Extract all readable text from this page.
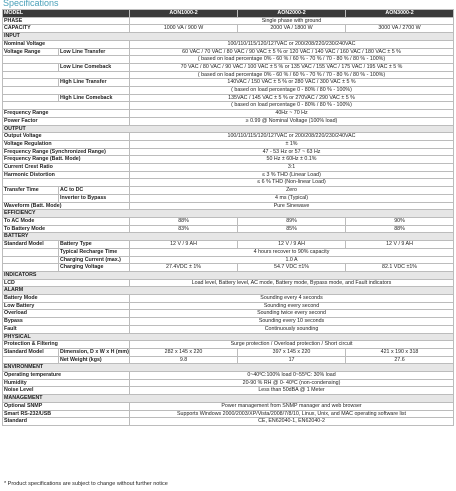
Specifications
MODEL		AON1000-2	AON2000-2	AON3000-2
PHASE		Single phase with ground		
CAPACITY		1000 VA / 900 W	2000 VA / 1800 W	3000 VA / 2700 W
INPUT				
Nominal Voltage		100/110/115/120/127VAC or 200/208/220/230/240VAC		
Voltage Range	Low Line Transfer	60 VAC / 70 VAC / 80 VAC / 90 VAC ± 5 % or 120 VAC / 140 VAC / 160 VAC / 180 VAC ± 5 %		
		( based on load percentage 0% - 60 % / 60 % - 70 % / 70 - 80 % / 80 % - 100%)		
	Low Line Comeback	70 VAC / 80 VAC / 90 VAC / 100 VAC ± 5 % or 135 VAC / 155 VAC / 175 VAC / 195 VAC ± 5 %		
		( based on load percentage 0% - 60 % / 60 % - 70 % / 70 - 80 % / 80 % - 100%)		
	High Line Transfer	140VAC / 150 VAC ± 5 % or 280 VAC / 300 VAC ± 5 %		
		( based on load percentage 0 - 80% / 80 % - 100%)		
	High Line Comeback	135VAC / 145 VAC ± 5 % or 270VAC / 290 VAC ± 5 %		
		( based on load percentage 0 - 80% / 80 % - 100%)		
Frequency Range		40Hz ~ 70 Hz		
Power Factor		≥ 0.99 @ Nominal Voltage (100% load)		
OUTPUT				
Output Voltage		100/110/115/120/127VAC or 200/208/220/230/240VAC		
Voltage Regulation		± 1%		
Frequency Range (Synchronized Range)		47 - 53 Hz or 57 ~ 63 Hz		
Frequency Range (Batt. Mode)		50 Hz ± 60Hz ± 0.1%		
Current Crest Ratio		3:1		
Harmonic Distortion		≤ 3 % THD (Linear Load)		
		≤ 6 % THD (Non-linear Load)		
Transfer Time	AC to DC	Zero		
	Inverter to Bypass	4 ms (Typical)		
Waveform (Batt. Mode)		Pure Sinewave		
EFFICIENCY				
To AC Mode		88%	89%	90%
To Battery Mode		83%	85%	88%
BATTERY				
Standard Model	Battery Type	12 V / 9 AH	12 V / 9 AH	12 V / 9 AH
	Typical Recharge Time	4 hours recover to 90% capacity		
	Charging Current (max.)	1.0 A		
	Charging Voltage	27.4VDC ± 1%	54.7 VDC ±1%	82.1 VDC ±1%
INDICATORS				
LCD		Load level, Battery level, AC mode, Battery mode, Bypass mode, and Fault indicators		
ALARM				
Battery Mode		Sounding every 4 seconds		
Low Battery		Sounding every second		
Overload		Sounding twice every second		
Bypass		Sounding every 10 seconds		
Fault		Continuously sounding		
PHYSICAL				
Protection & Filtering		Surge protection / Overload protection / Short circuit		
Standard Model	Dimension, D x W x H (mm)	282 x 145 x 220	397 x 145 x 220	421 x 190 x 318
	Net Weight (kgs)	9.8	17	27.6
ENVIRONMENT				
Operating temperature		0~40ºC:100% load 0~55ºC: 30% load		
Humidity		20-90 % RH @ 0- 40ºC (non-condensing)		
Noise Level		Less than 50dBA @ 1 Meter		
MANAGEMENT				
Optional SNMP		Power management from SNMP manager and web browser		
Smart RS-232/USB		Supports Windows 2000/2003/XP/Vista/2008/7/8/10, Linux, Unix, and MAC operating software list		
Standard		CE, EN62040-1, EN62040-2		
* Product specifications are subject to change without further notice
